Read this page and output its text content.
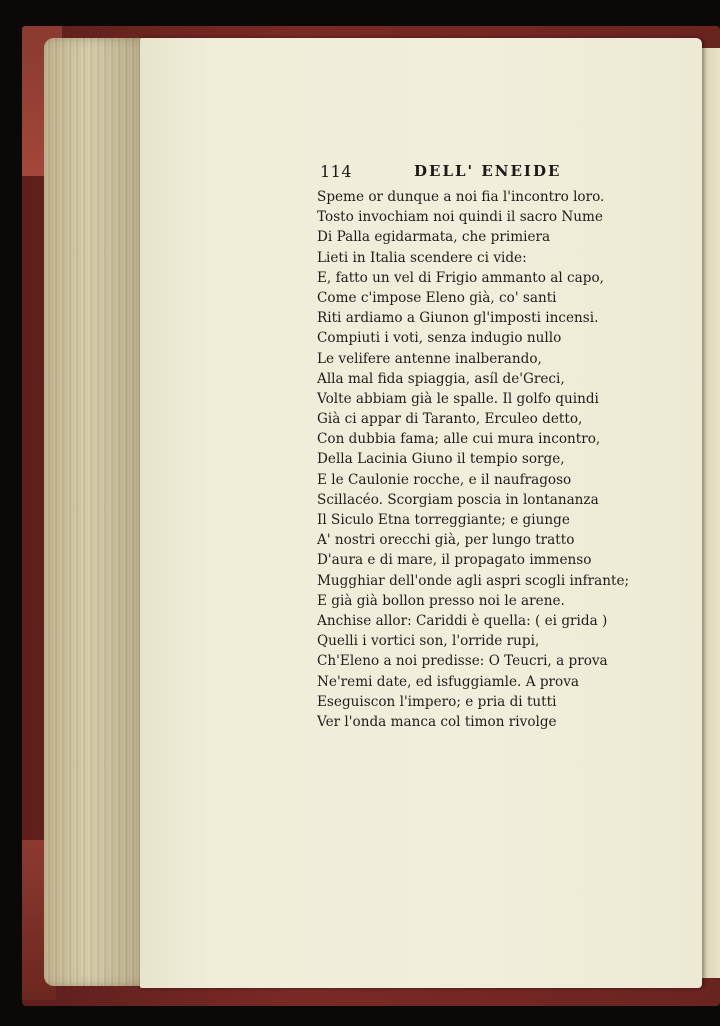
114	DELL' ENEIDE
Speme or dunque a noi fia l'incontro loro.
Tosto invochiam noi quindi il sacro Nume
Di Palla egidarmata, che primiera
Lieti in Italia scendere ci vide:
E, fatto un vel di Frigio ammanto al capo,
Come c'impose Eleno già, co' santi
Riti ardiamo a Giunon gl'imposti incensi.
Compiuti i voti, senza indugio nullo
Le velifere antenne inalberando,
Alla mal fida spiaggia, asíl de'Greci,
Volte abbiam già le spalle. Il golfo quindi
Già ci appar di Taranto, Erculeo detto,
Con dubbia fama; alle cui mura incontro,
Della Lacinia Giuno il tempio sorge,
E le Caulonie rocche, e il naufragoso
Scillacéo. Scorgiam poscia in lontananza
Il Siculo Etna torreggiante; e giunge
A' nostri orecchi già, per lungo tratto
D'aura e di mare, il propagato immenso
Mugghiar dell'onde agli aspri scogli infrante;
E già già bollon presso noi le arene.
Anchise allor: Cariddi è quella: ( ei grida )
Quelli i vortici son, l'orride rupi,
Ch'Eleno a noi predisse: O Teucri, a prova
Ne'remi date, ed isfuggiamle. A prova
Eseguiscon l'impero; e pria di tutti
Ver l'onda manca col timon rivolge
